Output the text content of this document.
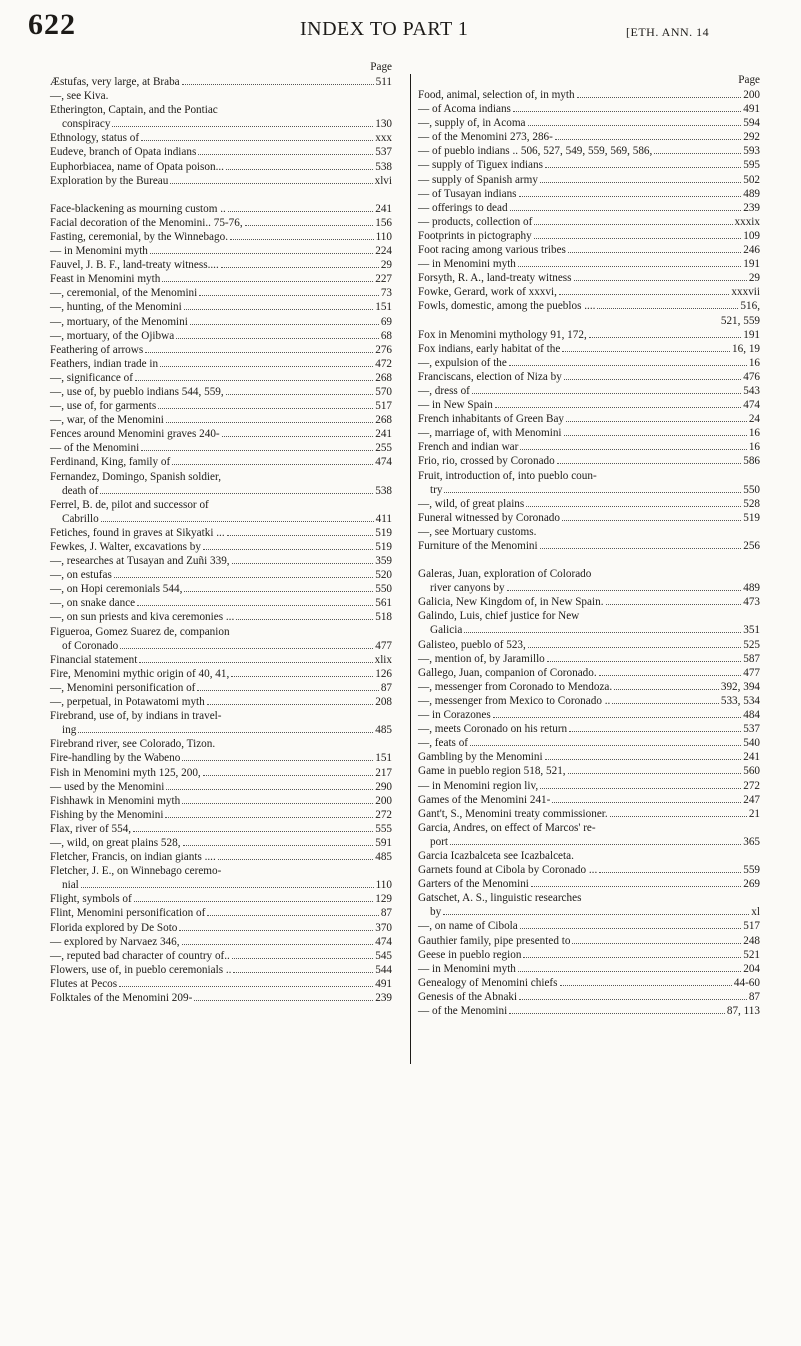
622	INDEX TO PART 1	[ETH. ANN. 14
Page
Æstufas, very large, at Braba	511
—, see Kiva.
Etherington, Captain, and the Pontiac
conspiracy	130
Ethnology, status of	xxx
Eudeve, branch of Opata indians	537
Euphorbiacea, name of Opata poison...	538
Exploration by the Bureau	xlvi
Face-blackening as mourning custom ..	241
Facial decoration of the Menomini.. 75-76,	156
Fasting, ceremonial, by the Winnebago.	110
— in Menomini myth	224
Fauvel, J. B. F., land-treaty witness....	29
Feast in Menomini myth	227
—, ceremonial, of the Menomini	73
—, hunting, of the Menomini	151
—, mortuary, of the Menomini	69
—, mortuary, of the Ojibwa	68
Feathering of arrows	276
Feathers, indian trade in	472
—, significance of	268
—, use of, by pueblo indians 544, 559,	570
—, use of, for garments	517
—, war, of the Menomini	268
Fences around Menomini graves 240-	241
— of the Menomini	255
Ferdinand, King, family of	474
Fernandez, Domingo, Spanish soldier,
death of	538
Ferrel, B. de, pilot and successor of
Cabrillo	411
Fetiches, found in graves at Sikyatki ...	519
Fewkes, J. Walter, excavations by	519
—, researches at Tusayan and Zuñi 339,	359
—, on estufas	520
—, on Hopi ceremonials 544,	550
—, on snake dance	561
—, on sun priests and kiva ceremonies ...	518
Figueroa, Gomez Suarez de, companion
of Coronado	477
Financial statement	xlix
Fire, Menomini mythic origin of 40, 41,	126
—, Menomini personification of	87
—, perpetual, in Potawatomi myth	208
Firebrand, use of, by indians in travel-
ing	485
Firebrand river, see Colorado, Tizon.
Fire-handling by the Wabeno	151
Fish in Menomini myth 125, 200,	217
— used by the Menomini	290
Fishhawk in Menomini myth	200
Fishing by the Menomini	272
Flax, river of 554,	555
—, wild, on great plains 528,	591
Fletcher, Francis, on indian giants ....	485
Fletcher, J. E., on Winnebago ceremo-
nial	110
Flight, symbols of	129
Flint, Menomini personification of	87
Florida explored by De Soto	370
— explored by Narvaez 346,	474
—, reputed bad character of country of..	545
Flowers, use of, in pueblo ceremonials ..	544
Flutes at Pecos	491
Folktales of the Menomini 209-	239
Page
Food, animal, selection of, in myth	200
— of Acoma indians	491
—, supply of, in Acoma	594
— of the Menomini 273, 286-	292
— of pueblo indians .. 506, 527, 549, 559, 569, 586,	593
— supply of Tiguex indians	595
— supply of Spanish army	502
— of Tusayan indians	489
— offerings to dead	239
— products, collection of	xxxix
Footprints in pictography	109
Foot racing among various tribes	246
— in Menomini myth	191
Forsyth, R. A., land-treaty witness	29
Fowke, Gerard, work of xxxvi,	xxxvii
Fowls, domestic, among the pueblos ....	516,
521, 559
Fox in Menomini mythology 91, 172,	191
Fox indians, early habitat of the	16, 19
—, expulsion of the	16
Franciscans, election of Niza by	476
—, dress of	543
— in New Spain	474
French inhabitants of Green Bay	24
—, marriage of, with Menomini	16
French and indian war	16
Frio, rio, crossed by Coronado	586
Fruit, introduction of, into pueblo coun-
try	550
—, wild, of great plains	528
Funeral witnessed by Coronado	519
—, see Mortuary customs.
Furniture of the Menomini	256
Galeras, Juan, exploration of Colorado
river canyons by	489
Galicia, New Kingdom of, in New Spain.	473
Galindo, Luis, chief justice for New
Galicia	351
Galisteo, pueblo of 523,	525
—, mention of, by Jaramillo	587
Gallego, Juan, companion of Coronado.	477
—, messenger from Coronado to Mendoza.	392, 394
—, messenger from Mexico to Coronado ..	533, 534
— in Corazones	484
—, meets Coronado on his return	537
—, feats of	540
Gambling by the Menomini	241
Game in pueblo region 518, 521,	560
— in Menomini region liv,	272
Games of the Menomini 241-	247
Gant't, S., Menomini treaty commissioner.	21
Garcia, Andres, on effect of Marcos' re-
port	365
Garcia Icazbalceta see Icazbalceta.
Garnets found at Cibola by Coronado ...	559
Garters of the Menomini	269
Gatschet, A. S., linguistic researches
by	xl
—, on name of Cibola	517
Gauthier family, pipe presented to	248
Geese in pueblo region	521
— in Menomini myth	204
Genealogy of Menomini chiefs	44-60
Genesis of the Abnaki	87
— of the Menomini	87, 113
